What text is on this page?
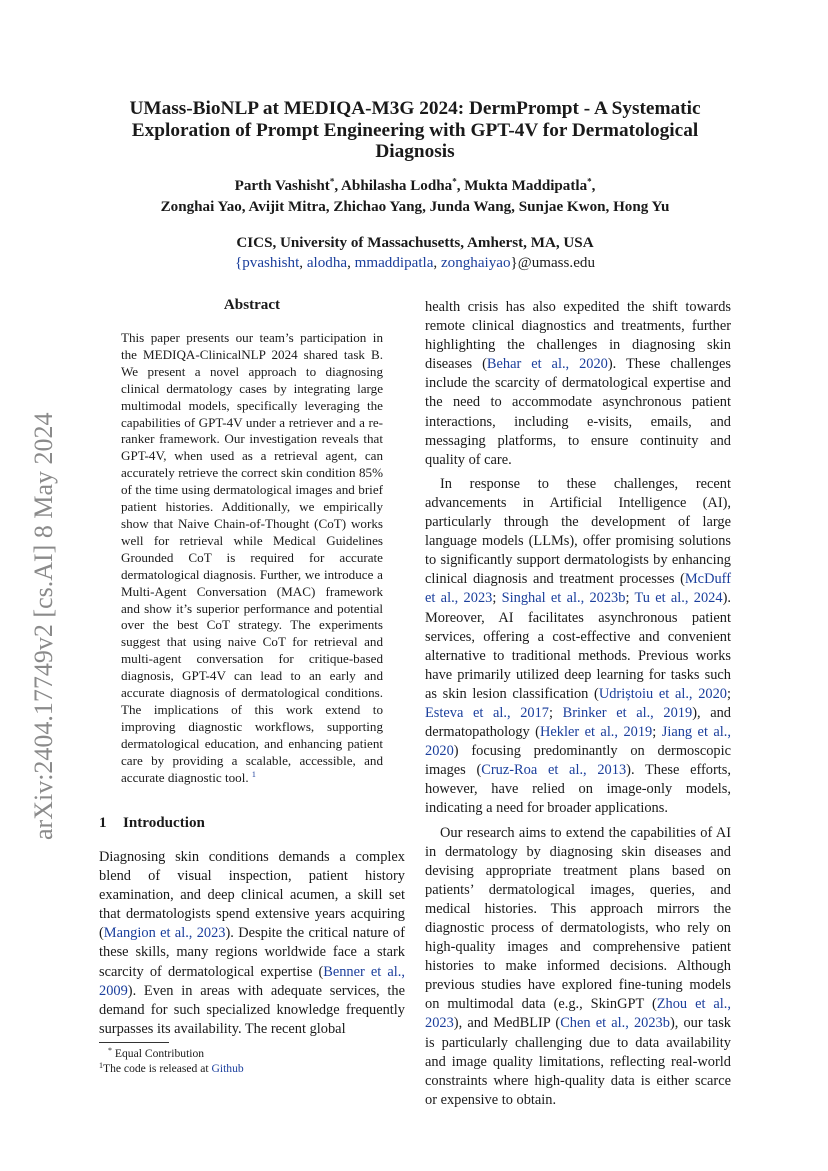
arXiv:2404.17749v2 [cs.AI] 8 May 2024
UMass-BioNLP at MEDIQA-M3G 2024: DermPrompt - A Systematic
Exploration of Prompt Engineering with GPT-4V for Dermatological
Diagnosis
Parth Vashisht*, Abhilasha Lodha*, Mukta Maddipatla*,
Zonghai Yao, Avijit Mitra, Zhichao Yang, Junda Wang, Sunjae Kwon, Hong Yu
CICS, University of Massachusetts, Amherst, MA, USA
{pvashisht, alodha, mmaddipatla, zonghaiyao}@umass.edu
Abstract
This paper presents our team’s participation in the MEDIQA-ClinicalNLP 2024 shared task B. We present a novel approach to diagnosing clinical dermatology cases by integrating large multimodal models, specifically leveraging the capabilities of GPT-4V under a retriever and a re-ranker framework. Our investigation reveals that GPT-4V, when used as a retrieval agent, can accurately retrieve the correct skin condition 85% of the time using dermatological images and brief patient histories. Additionally, we empirically show that Naive Chain-of-Thought (CoT) works well for retrieval while Medical Guidelines Grounded CoT is required for accurate dermatological diagnosis. Further, we introduce a Multi-Agent Conversation (MAC) framework and show it’s superior performance and potential over the best CoT strategy. The experiments suggest that using naive CoT for retrieval and multi-agent conversation for critique-based diagnosis, GPT-4V can lead to an early and accurate diagnosis of dermatological conditions. The implications of this work extend to improving diagnostic workflows, supporting dermatological education, and enhancing patient care by providing a scalable, accessible, and accurate diagnostic tool. $^1$
1 Introduction
Diagnosing skin conditions demands a complex blend of visual inspection, patient history examination, and deep clinical acumen, a skill set that dermatologists spend extensive years acquiring (Mangion et al., 2023). Despite the critical nature of these skills, many regions worldwide face a stark scarcity of dermatological expertise (Benner et al., 2009). Even in areas with adequate services, the demand for such specialized knowledge frequently surpasses its availability. The recent global
* Equal Contribution
$^1$The code is released at Github

health crisis has also expedited the shift towards remote clinical diagnostics and treatments, further highlighting the challenges in diagnosing skin diseases (Behar et al., 2020). These challenges include the scarcity of dermatological expertise and the need to accommodate asynchronous patient interactions, including e-visits, emails, and messaging platforms, to ensure continuity and quality of care.

In response to these challenges, recent advancements in Artificial Intelligence (AI), particularly through the development of large language models (LLMs), offer promising solutions to significantly support dermatologists by enhancing clinical diagnosis and treatment processes (McDuff et al., 2023; Singhal et al., 2023b; Tu et al., 2024). Moreover, AI facilitates asynchronous patient services, offering a cost-effective and convenient alternative to traditional methods. Previous works have primarily utilized deep learning for tasks such as skin lesion classification (Udriștoiu et al., 2020; Esteva et al., 2017; Brinker et al., 2019), and dermatopathology (Hekler et al., 2019; Jiang et al., 2020) focusing predominantly on dermoscopic images (Cruz-Roa et al., 2013). These efforts, however, have relied on image-only models, indicating a need for broader applications.

Our research aims to extend the capabilities of AI in dermatology by diagnosing skin diseases and devising appropriate treatment plans based on patients’ dermatological images, queries, and medical histories. This approach mirrors the diagnostic process of dermatologists, who rely on high-quality images and comprehensive patient histories to make informed decisions. Although previous studies have explored fine-tuning models on multimodal data (e.g., SkinGPT (Zhou et al., 2023), and MedBLIP (Chen et al., 2023b), our task is particularly challenging due to data availability and image quality limitations, reflecting real-world constraints where high-quality data is either scarce or expensive to obtain.
